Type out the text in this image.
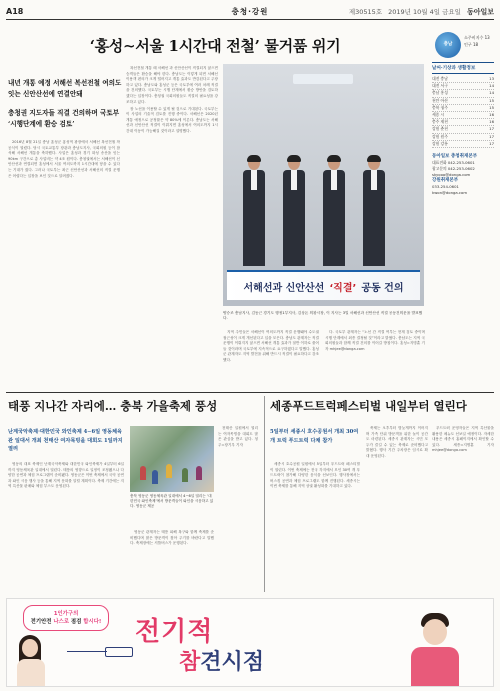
A18	충청·강원	제30515호 2019년 10월 4일 금요일 동아일보
‘홍성∼서울 1시간대 전철’ 물거품 위기
내년 개통 예정 서해선 복선전철 여의도 잇는 신안산선에 연결안돼
충청권 지도자들 직결 건의하며 국토부 ‘시행단계에 환승 검토’

2016년 8월 21일 충남 홍성군 홍성역 광장에서 서해선 복선전철 착공식이 열렸다. 당시 국토교통부 장관과 충남도지사, 국회의원 등이 참석해 서해선 개통을 축하했다. 사업은 홍성과 경기 화성 송산을 잇는 90km 구간으로 총 사업비는 약 4조 원이다. 충청권에서는 서해선이 신안산선과 연결되면 홍성에서 서울 여의도까지 1시간대에 닿을 수 있다는 기대가 컸다. 그러나 국토부는 최근 신안산선과 서해선의 직결 운행은 어렵다는 입장을 보인 것으로 알려졌다.

복선전철 개통 때 서해선 과 신안산선이 직결되지 않으면 승객들은 환승을 해야 한다. 충남도는 이렇게 되면 서해선 이용객 편의가 크게 떨어지고 개통 효과도 반감된다고 주장하고 있다. 충남도와 홍성군 등은 국토부에 여러 차례 직결을 건의했다. 국토부는 시행 단계에서 환승 방안을 검토하겠다는 입장이다. 충청권 국회의원들도 직결의 필요성을 강조하고 있다.

장 노선을 이용할 수 있게 될 것으로 기대된다. 국토부는 이 사업의 기술적 검토를 진행 중이다. 서해선은 2020년 개통 예정으로 공정률은 약 80%에 이른다. 충남도는 서해선과 신안산선 직결이 이뤄지면 홍성에서 여의도까지 1시간대 이동이 가능해질 것이라고 설명했다.

서해선과 신안산선
‘직결’
공동 건의
양승조 충남지사, 김동근 경기도 행정1부지사, 김상돈 의왕시장, 이 지사는 3일 서해선과 신안산선 직결 공동건의문을 발표했다.

지역 주민들은 서해선이 여의도까지 직결 운행돼야 수도권 접근성이 크게 개선된다고 입을 모은다. 충남도 관계자는 직결 운행이 이뤄지지 않으면 서해선 개통 효과가 절반 이하로 줄어들 것이라며 국토부에 지속적으로 요구하겠다고 말했다. 홍성군 관계자도 지역 발전을 위해 반드시 직결이 필요하다고 강조했다.

다. 국토부 관계자는 “노선 간 직결 여부는 현재 검토 중이며 시행 단계에서 최종 결정될 것”이라고 밝혔다. 충남도는 지역 국회의원들과 함께 직결 건의를 이어갈 방침이다. 홍성=지명훈 기자 mhjee@donga.com

충남
소주비지수 13
인구 18
날씨·기상과 생활정보
대전 충남	13
대전 서구	14
충남 홍성	14
천안 아산	15
충북 청주	15
세종 시	16
충주 제천	16
강원 춘천	17
강원 원주	17
강원 강릉	17
동아일보 충청취재본부
대표전화 042-253-0601
광고문의 042-253-0602
skyooo@donga.com
강원취재본부
033-254-0601
kwon@donga.com
태풍 지나간 자리에… 충북 가을축제 풍성
난계국악축제·대한민국 와인축제 4∼6일 영동체육관 일대서 개최 천태산 여자목빙을 대회도 1일까지 열려

영동의 대표 축제인 난계국악축제와 대한민국 와인축제가 4일부터 6일까지 영동체육관 일대에서 열린다. 태풍의 영향으로 일정이 조정됐으나 다양한 공연과 체험 프로그램이 준비됐다. 영동군은 이번 축제에서 국악 공연과 와인 시음 행사 등을 통해 지역 문화를 알릴 계획이다. 축제 기간에는 지역 특산물 판매와 체험 부스도 운영된다.

충북 영동군 영동체육관 일대에서 4∼6일 열리는 ‘대한민국 와인축제’에서 방문객들이 와인을 시음하고 있다. 영동군 제공

영동군 관계자는 태풍 피해 복구와 함께 축제를 준비했다며 많은 방문객이 찾아 주기를 바란다고 말했다. 축제장에는 셔틀버스가 운행된다.

천태산 일원에서 열리는 여자목빙을 대회도 많은 관심을 받고 있다. 청주=장기우 기자

세종푸드트럭페스티벌 내일부터 열린다
5일부터 세종시 호수공원서 개최 30여개 트럭 푸드트럭 다채 참가

세종시 호수공원 일원에서 5일부터 푸드트럭 페스티벌이 열린다. 이번 축제에는 전국 각지에서 모인 30여 개 푸드트럭이 참가해 다양한 음식을 선보인다. 행사장에서는 버스킹 공연과 체험 프로그램도 함께 진행된다. 세종시는 이번 축제를 통해 지역 상권 활성화를 기대하고 있다.

축제는 오후부터 밤늦게까지 이어지며 가족 단위 방문객을 위한 놀이 공간도 마련된다. 세종시 관계자는 시민 모두가 즐길 수 있는 축제로 준비했다고 밝혔다. 행사 기간 주차장은 임시로 확대 운영된다.

푸드트럭 운영자들은 지역 특산물을 활용한 메뉴도 선보일 예정이다. 자세한 내용은 세종시 홈페이지에서 확인할 수 있다. 세종=지명훈 기자 mhjee@donga.com

1인가구의
전기안전 나스로 점검 합시다! 전기적
참견시점
